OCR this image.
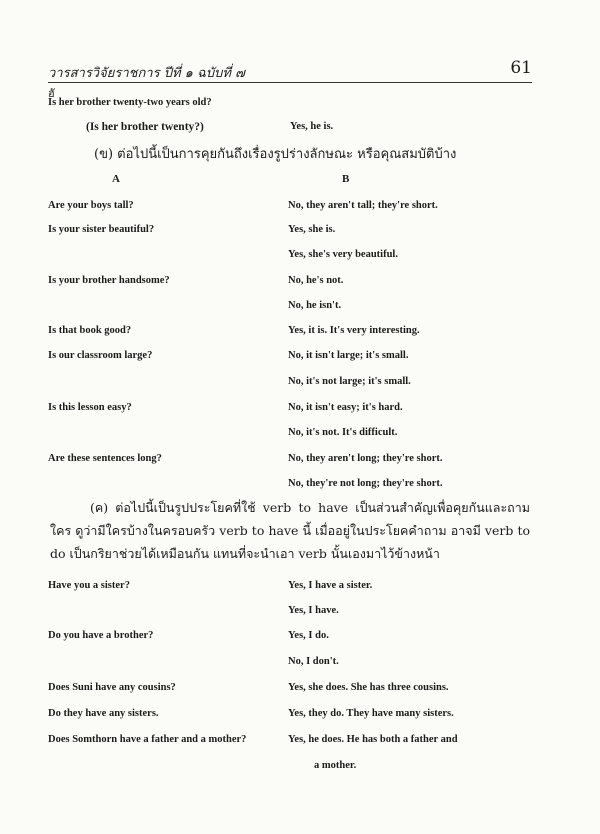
วารสารวิจัยราชการ ปีที่ ๑ ฉบับที่ ๗	61
ฮั
Is her brother twenty-two years old?
(Is her brother twenty?)	Yes, he is.
(ข) ต่อไปนี้เป็นการคุยกันถึงเรื่องรูปร่างลักษณะ หรือคุณสมบัติบ้าง
A	B
Are your boys tall?	No, they aren't tall; they're short.
Is your sister beautiful?	Yes, she is.
Yes, she's very beautiful.
Is your brother handsome?	No, he's not.
No, he isn't.
Is that book good?	Yes, it is. It's very interesting.
Is our classroom large?	No, it isn't large; it's small.
No, it's not large; it's small.
Is this lesson easy?	No, it isn't easy; it's hard.
No, it's not. It's difficult.
Are these sentences long?	No, they aren't long; they're short.
No, they're not long; they're short.
(ค) ต่อไปนี้เป็นรูปประโยคที่ใช้ verb to have เป็นส่วนสำคัญเพื่อคุยกันและถามใคร ดูว่ามีใครบ้างในครอบครัว verb to have นี้ เมื่ออยู่ในประโยคคำถาม อาจมี verb to do เป็นกริยาช่วยได้เหมือนกัน แทนที่จะนำเอา verb นั้นเองมาไว้ข้างหน้า
Have you a sister?	Yes, I have a sister.
Yes, I have.
Do you have a brother?	Yes, I do.
No, I don't.
Does Suni have any cousins?	Yes, she does. She has three cousins.
Do they have any sisters.	Yes, they do. They have many sisters.
Does Somthorn have a father and a mother?	Yes, he does. He has both a father and
a mother.
